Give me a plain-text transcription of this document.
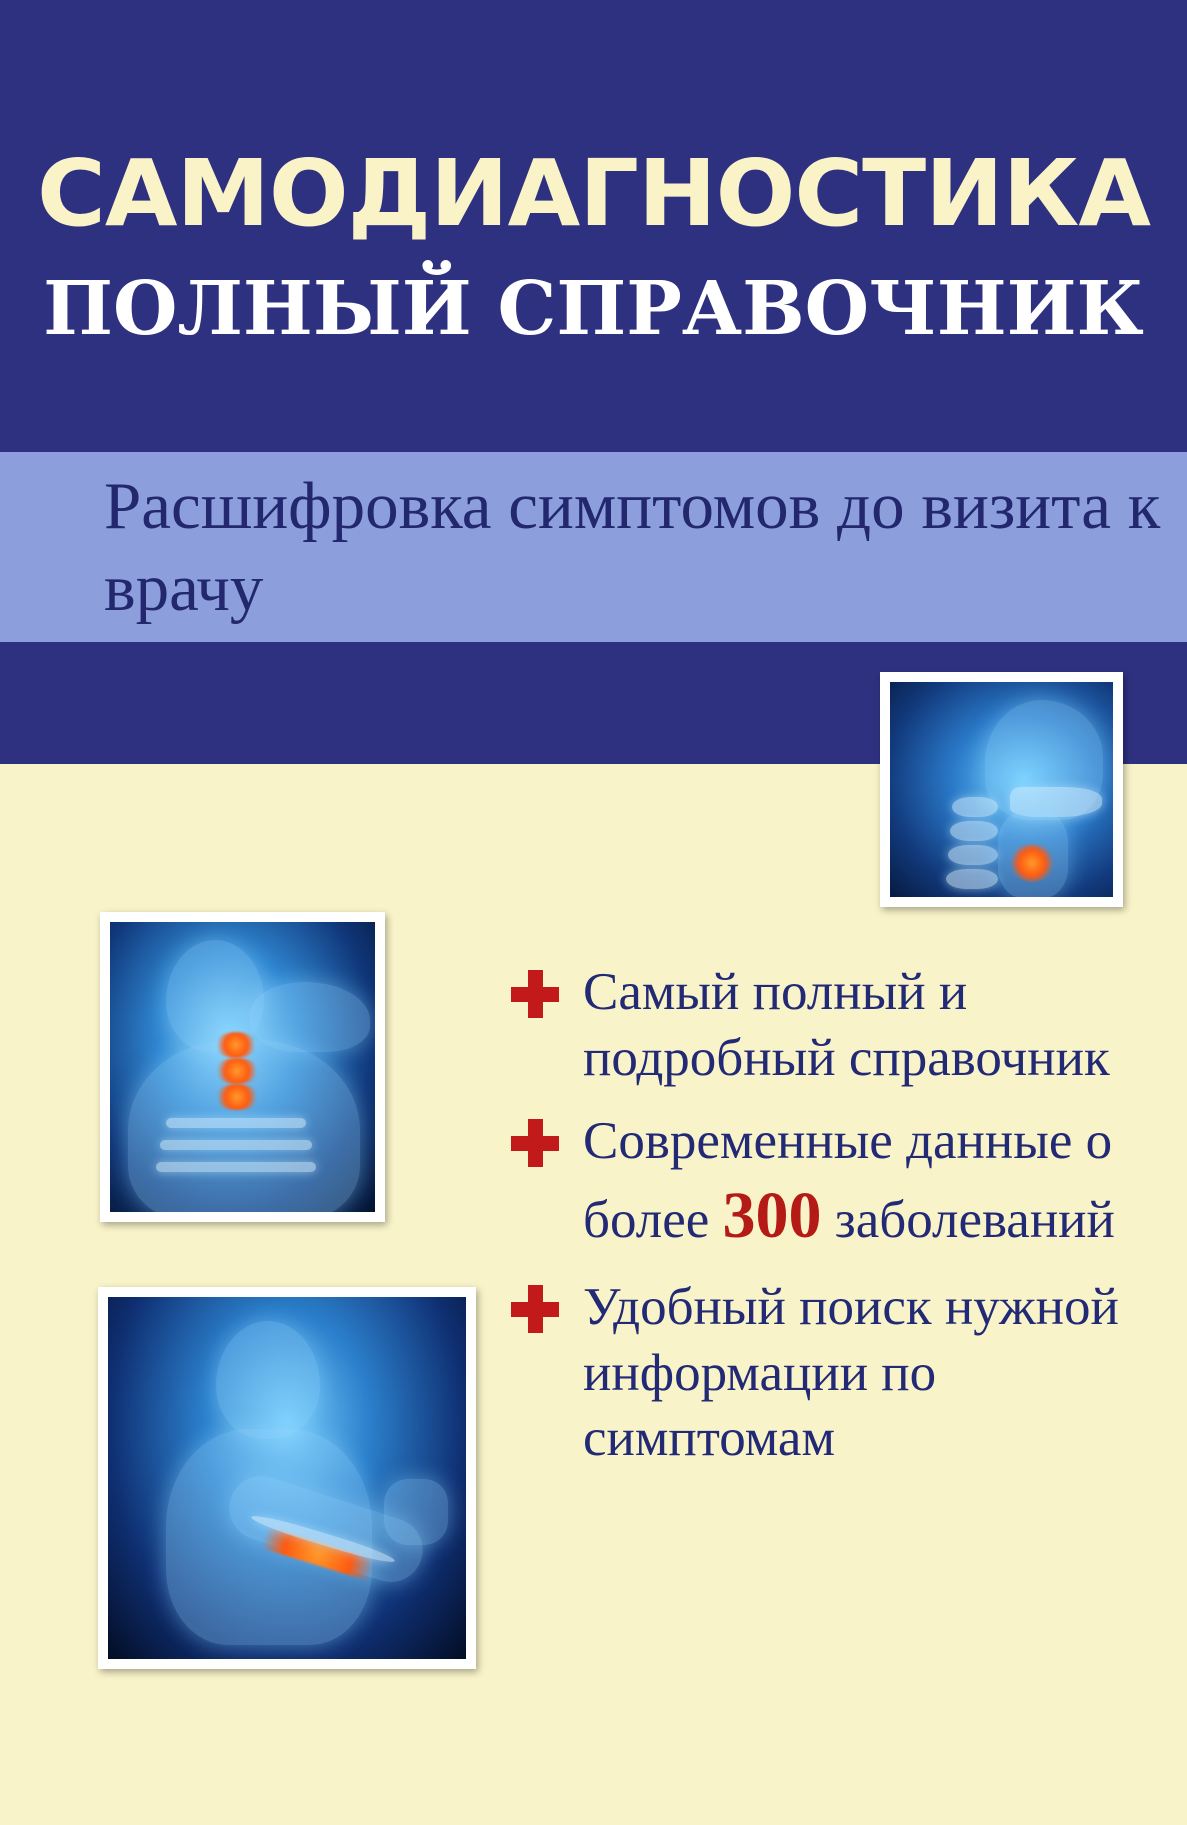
САМОДИАГНОСТИКА
ПОЛНЫЙ СПРАВОЧНИК
Расшифровка симптомов до визита к врачу
Самый полный и подробный справочник
Современные данные о более 300 заболеваний
Удобный поиск нужной информации по симптомам
